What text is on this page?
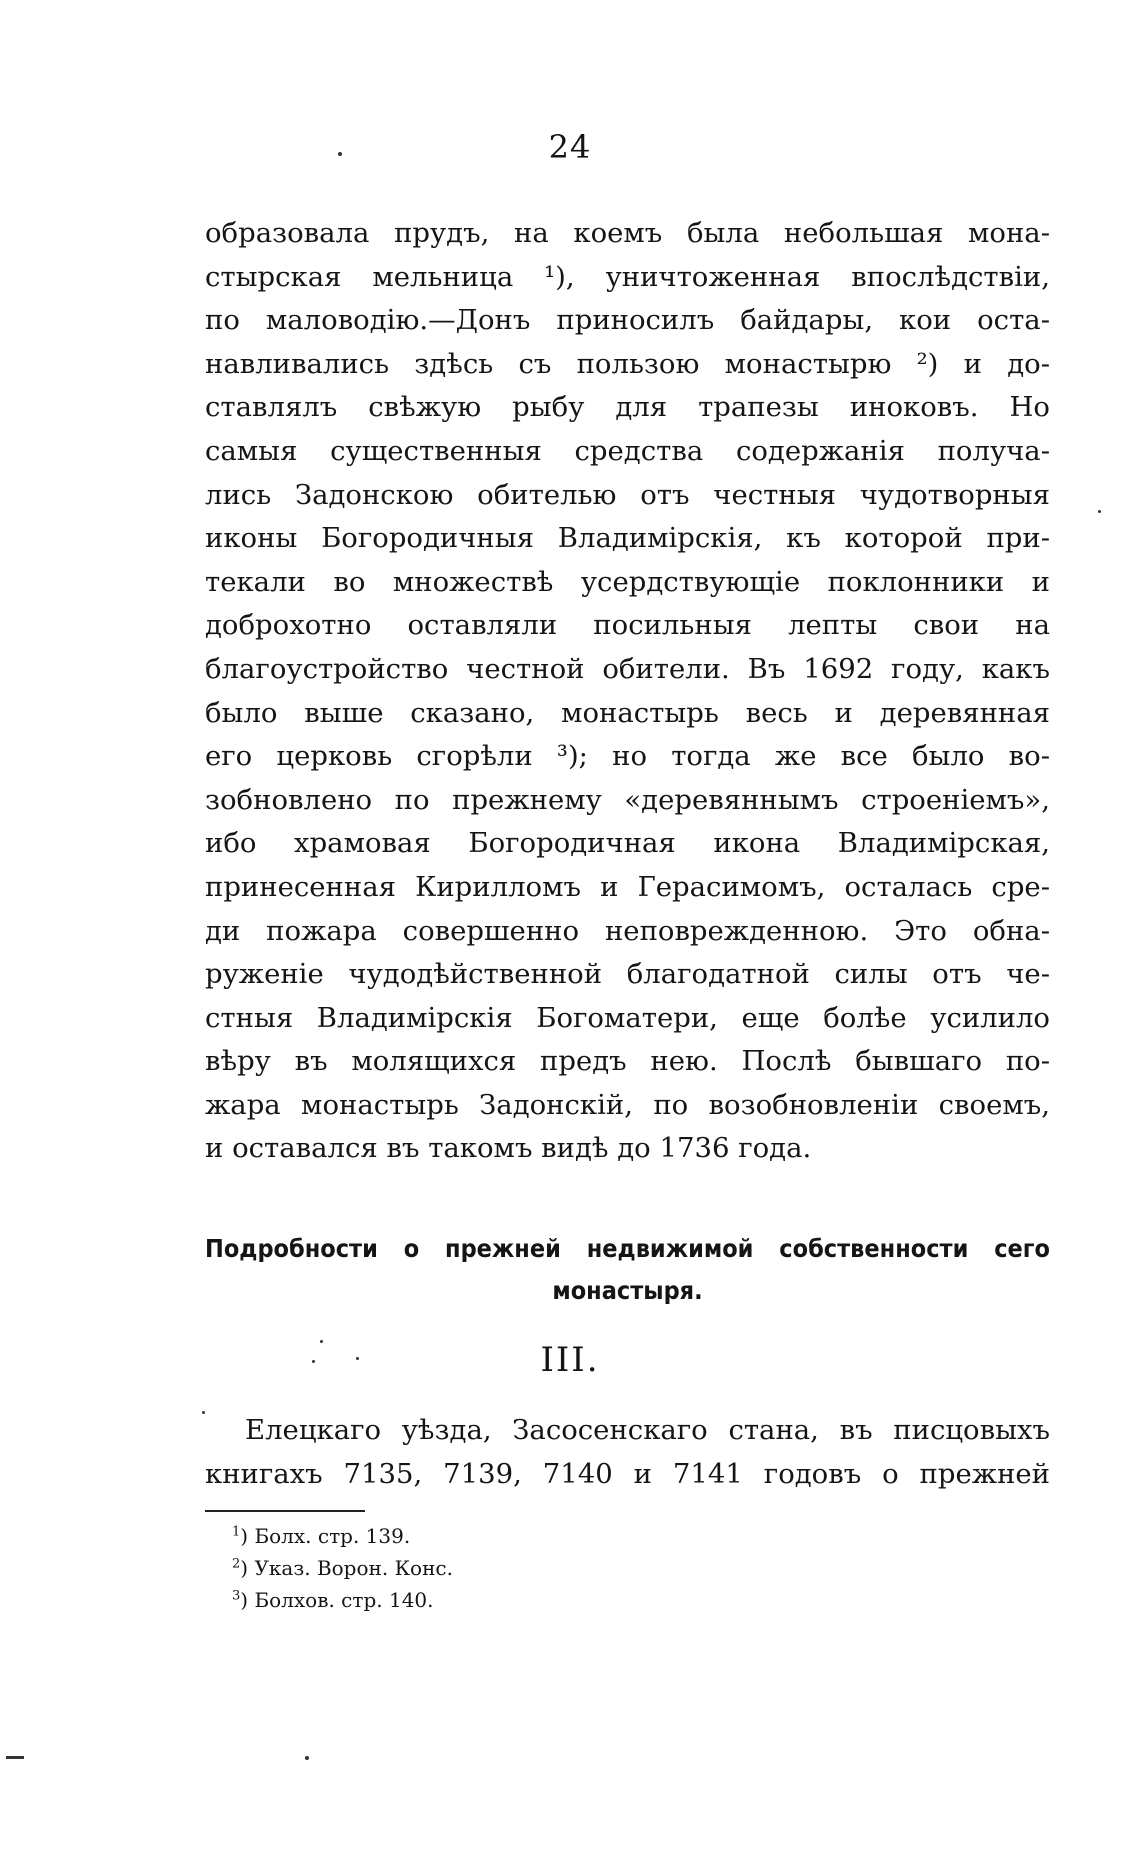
24
образовала прудъ, на коемъ была небольшая мона-
стырская мельница ¹), уничтоженная впослѣдствіи,
по маловодію.—Донъ приносилъ байдары, кои оста-
навливались здѣсь съ пользою монастырю ²) и до-
ставлялъ свѣжую рыбу для трапезы иноковъ. Но
самыя существенныя средства содержанія получа-
лись Задонскою обителью отъ честныя чудотворныя
иконы Богородичныя Владимірскія, къ которой при-
текали во множествѣ усердствующіе поклонники и
доброхотно оставляли посильныя лепты свои на
благоустройство честной обители. Въ 1692 году, какъ
было выше сказано, монастырь весь и деревянная
его церковь сгорѣли ³); но тогда же все было во-
зобновлено по прежнему «деревяннымъ строеніемъ»,
ибо храмовая Богородичная икона Владимірская,
принесенная Кирилломъ и Герасимомъ, осталась сре-
ди пожара совершенно неповрежденною. Это обна-
руженіе чудодѣйственной благодатной силы отъ че-
стныя Владимірскія Богоматери, еще болѣе усилило
вѣру въ молящихся предъ нею. Послѣ бывшаго по-
жара монастырь Задонскій, по возобновленіи своемъ,
и оставался въ такомъ видѣ до 1736 года.
Подробности о прежней недвижимой собственности сего
монастыря.
III.
Елецкаго уѣзда, Засосенскаго стана, въ писцовыхъ
книгахъ 7135, 7139, 7140 и 7141 годовъ о прежней
$^1$) Болх. стр. 139.
$^2$) Указ. Ворон. Конс.
$^3$) Болхов. стр. 140.
